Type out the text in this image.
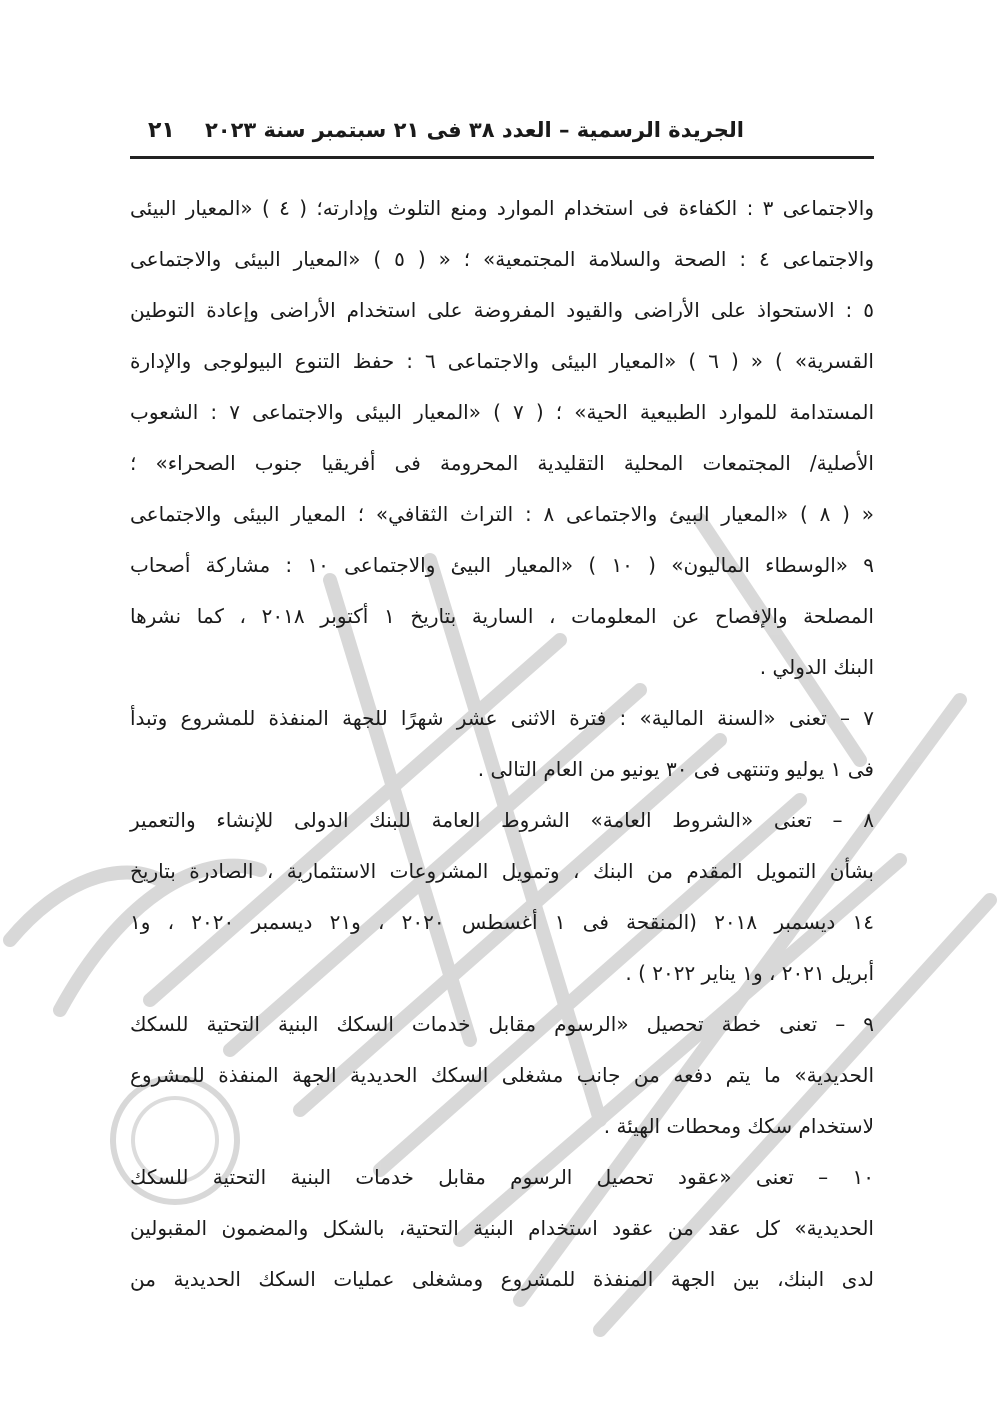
الجريدة الرسمية – العدد ٣٨ فى ٢١ سبتمبر سنة ٢٠٢٣
٢١
والاجتماعى ٣ : الكفاءة فى استخدام الموارد ومنع التلوث وإدارته؛ ( ٤ ) «المعيار البيئى
والاجتماعى ٤ : الصحة والسلامة المجتمعية» ؛ « ( ٥ ) «المعيار البيئى والاجتماعى
٥ : الاستحواذ على الأراضى والقيود المفروضة على استخدام الأراضى وإعادة التوطين
القسرية» ) « ( ٦ ) «المعيار البيئى والاجتماعى ٦ : حفظ التنوع البيولوجى والإدارة
المستدامة للموارد الطبيعية الحية» ؛ ( ٧ ) «المعيار البيئى والاجتماعى ٧ : الشعوب
الأصلية/ المجتمعات المحلية التقليدية المحرومة فى أفريقيا جنوب الصحراء» ؛
« ( ٨ ) «المعيار البيئ والاجتماعى ٨ : التراث الثقافي» ؛ المعيار البيئى والاجتماعى
٩ «الوسطاء الماليون» ( ١٠ ) «المعيار البيئ والاجتماعى ١٠ : مشاركة أصحاب
المصلحة والإفصاح عن المعلومات ، السارية بتاريخ ١ أكتوبر ٢٠١٨ ، كما نشرها
البنك الدولي .
٧ – تعنى «السنة المالية» : فترة الاثنى عشر شهرًا للجهة المنفذة للمشروع وتبدأ
فى ١ يوليو وتنتهى فى ٣٠ يونيو من العام التالى .
٨ – تعنى «الشروط العامة» الشروط العامة للبنك الدولى للإنشاء والتعمير
بشأن التمويل المقدم من البنك ، وتمويل المشروعات الاستثمارية ، الصادرة بتاريخ
١٤ ديسمبر ٢٠١٨ (المنقحة فى ١ أغسطس ٢٠٢٠ ، و٢١ ديسمبر ٢٠٢٠ ، و١
أبريل ٢٠٢١ ، و١ يناير ٢٠٢٢ ) .
٩ – تعنى خطة تحصيل «الرسوم مقابل خدمات السكك البنية التحتية للسكك
الحديدية» ما يتم دفعه من جانب مشغلى السكك الحديدية الجهة المنفذة للمشروع
لاستخدام سكك ومحطات الهيئة .
١٠ – تعنى «عقود تحصيل الرسوم مقابل خدمات البنية التحتية للسكك
الحديدية» كل عقد من عقود استخدام البنية التحتية، بالشكل والمضمون المقبولين
لدى البنك، بين الجهة المنفذة للمشروع ومشغلى عمليات السكك الحديدية من
